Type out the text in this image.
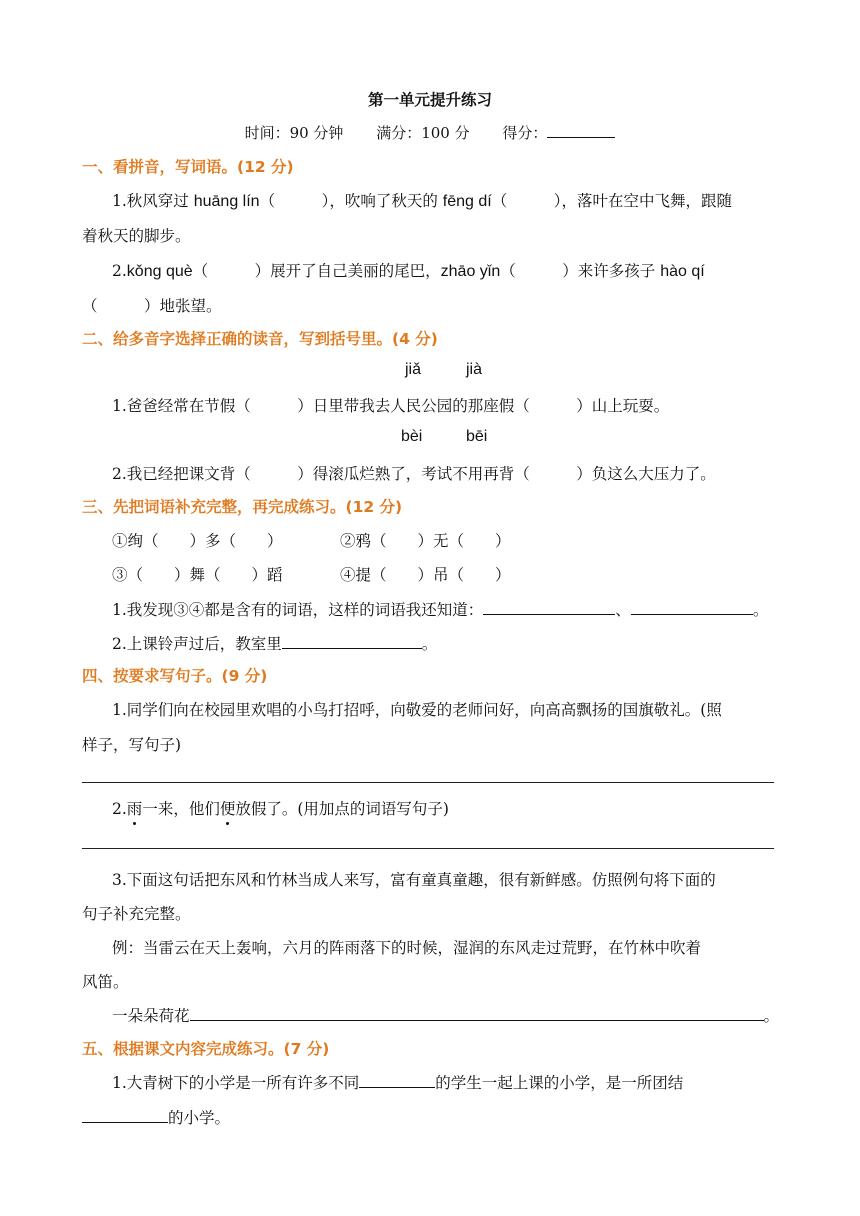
第一单元提升练习
时间：90 分钟 满分：100 分 得分：
一、看拼音，写词语。(12 分)
1.秋风穿过 huāng lín（　　　），吹响了秋天的 fēng dí（　　　），落叶在空中飞舞，跟随
着秋天的脚步。
2.kǒng què（　　　）展开了自己美丽的尾巴，zhāo yǐn（　　　）来许多孩子 hào qí
（　　　）地张望。
二、给多音字选择正确的读音，写到括号里。(4 分)
jiǎ	jià
1.爸爸经常在节假（　　　）日里带我去人民公园的那座假（　　　）山上玩耍。
bèi	bēi
2.我已经把课文背（　　　）得滚瓜烂熟了，考试不用再背（　　　）负这么大压力了。
三、先把词语补充完整，再完成练习。(12 分)
①绚（　　）多（　　）	②鸦（　　）无（　　）
③（　　）舞（　　）蹈	④提（　　）吊（　　）
1.我发现③④都是含有的词语，这样的词语我还知道：	、	。
2.上课铃声过后，教室里	。
四、按要求写句子。(9 分)
1.同学们向在校园里欢唱的小鸟打招呼，向敬爱的老师问好，向高高飘扬的国旗敬礼。(照
样子，写句子)
2.雨一来，他们便放假了。(用加点的词语写句子)
3.下面这句话把东风和竹林当成人来写，富有童真童趣，很有新鲜感。仿照例句将下面的
句子补充完整。
例：当雷云在天上轰响，六月的阵雨落下的时候，湿润的东风走过荒野，在竹林中吹着
风笛。
一朵朵荷花	。
五、根据课文内容完成练习。(7 分)
1.大青树下的小学是一所有许多不同	的学生一起上课的小学，是一所团结
的小学。
